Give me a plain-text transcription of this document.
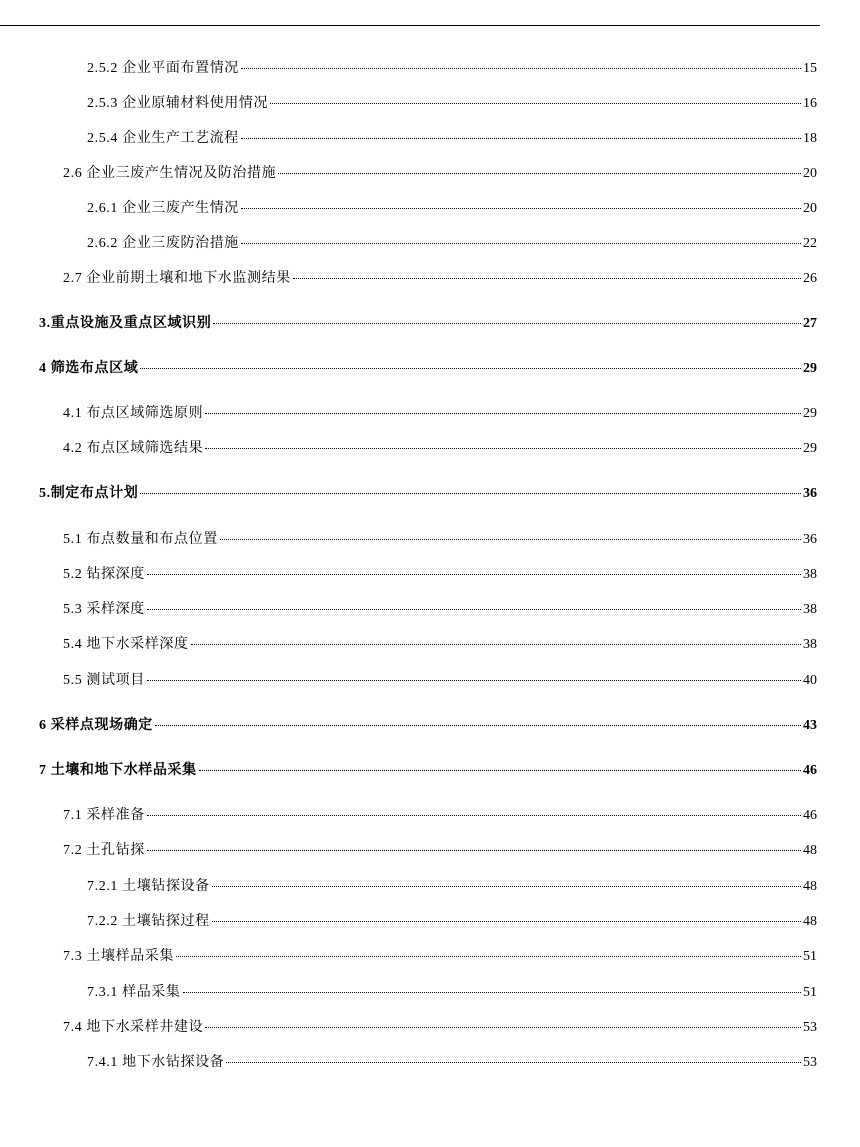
2.5.2 企业平面布置情况	15
2.5.3 企业原辅材料使用情况	16
2.5.4 企业生产工艺流程	18
2.6 企业三废产生情况及防治措施	20
2.6.1 企业三废产生情况	20
2.6.2 企业三废防治措施	22
2.7 企业前期土壤和地下水监测结果	26
3.重点设施及重点区域识别	27
4 筛选布点区域	29
4.1 布点区域筛选原则	29
4.2 布点区域筛选结果	29
5.制定布点计划	36
5.1 布点数量和布点位置	36
5.2 钻探深度	38
5.3 采样深度	38
5.4 地下水采样深度	38
5.5 测试项目	40
6 采样点现场确定	43
7 土壤和地下水样品采集	46
7.1 采样准备	46
7.2 土孔钻探	48
7.2.1 土壤钻探设备	48
7.2.2 土壤钻探过程	48
7.3 土壤样品采集	51
7.3.1 样品采集	51
7.4 地下水采样井建设	53
7.4.1 地下水钻探设备	53
